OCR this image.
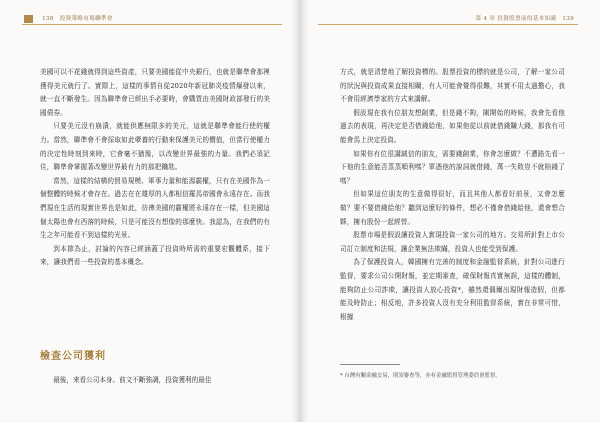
138 投資策略市場聯準會

美國可以不花錢就得到這些資產，只要美國能從中央銀行，也就是聯準會那裡獲得美元就行了。實際上，這樣的事情自從2020年新冠肺炎疫情爆發以來，就一直不斷發生。因為聯準會已經出手必要時，會購買由美國財政部發行的美國債券。

只要美元沒有崩潰，就能供應無限多的美元，這就是聯準會能行使的權力。當然，聯準會不會採取如此孽養的行動來保護美元的價值，但當行使權力的決定性時刻到來時，它會毫不猶豫，以改變世界最強的力量。我們必須記住，聯準會掌握著改變世界最有力的那把鑰匙。

當然，這樣的結構的貿易規模、軍事力量和能源霸權，只有在美國作為一個整體的時候才會存在。過去在在雄厚的人都相信羅馬帝國會永遠存在。而我們現在生活的現實世界也是如此，彷彿美國的霸權將永遠存在一樣，但美國這個太陽也會有西落的時候，只是可能沒有想像的那麼快。我認為，在我們的有生之年可能看不到這樣的光景。

到本節為止，討論的內容已經涵蓋了投資時所需的重要宏觀體系，接下來，讓我們看一些投資的基本概念。

檢查公司獲利
最後，來看公司本身。前文不斷強調，投資獲利的最佳
第 4 章 投資股票前的基本知識 139

方式，就是清楚地了解投資標的。股票投資的標的就是公司，了解一家公司的狀況與投資成果直接相關，有人可能會覺得很難，其實不用太過擔心，我不會用經濟學家的方式來講解。

假設現在我有位朋友想創業，但是錢不夠，剛開始的時候，我會先看他過去的表現，再決定是否借錢給他，如果他從以前就借錢賺大錢，那我有可能會馬上決定投資。

如果你有位很講誠信的朋友，需要錢創業，你會怎麼做？不遭路先看一下他的生意能否蒸蒸順利嗎？單憑他的說詞就借錢，萬一失敗豈不就賠錢了嗎？

但如果這位朋友的生意做得很好，而且其他人都看好前景，又會怎麼做？要不要借錢給他？聽到這麼好的條件，想必不僅會借錢給他，還會想合夥，擁有股份一起經營。

股票市場是假設讓投資人實現投資一家公司的地方。交易所針對上市公司訂立制度和法規，讓企業無法欺瞞，投資人也能受到保護。

為了保護投資人，韓國擁有完善的制度和金融監督系統，針對公司進行監督，要求公司公開財報，並定期審查，確保財報真實無誤，這樣的體制，能夠防止公司詐欺，讓投資人放心投資*，雖然還偶爾出現財報造假，但都能及時防止；相反地，許多投資人沒有充分利用監督系統，實在非常可惜，根據

* 台灣有關金融交易，則須審查等，亦有金融監督管理委員會監督。
